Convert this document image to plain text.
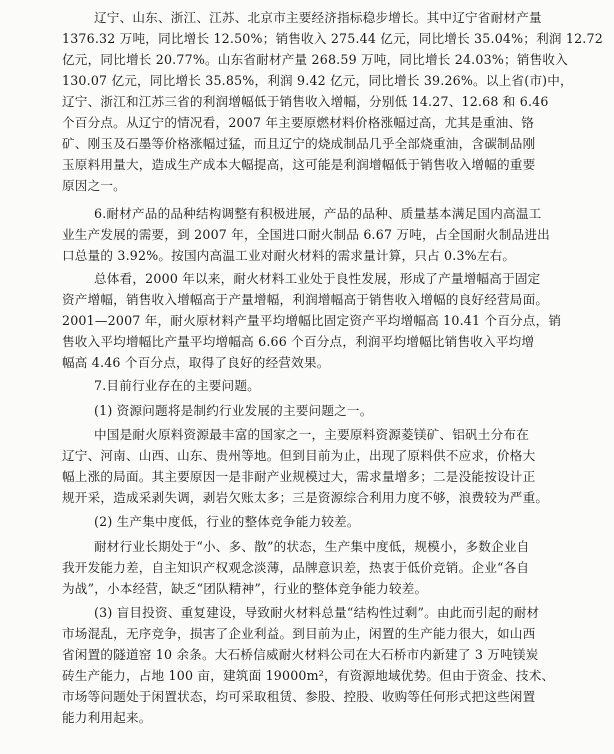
辽宁、山东、浙江、江苏、北京市主要经济指标稳步增长。其中辽宁省耐材产量
1376.32 万吨，同比增长 12.50%；销售收入 275.44 亿元，同比增长 35.04%；利润 12.72
亿元，同比增长 20.77%。山东省耐材产量 268.59 万吨，同比增长 24.03%；销售收入
130.07 亿元，同比增长 35.85%，利润 9.42 亿元，同比增长 39.26%。以上省(市)中，
辽宁、浙江和江苏三省的利润增幅低于销售收入增幅，分别低 14.27、12.68 和 6.46
个百分点。从辽宁的情况看，2007 年主要原燃材料价格涨幅过高，尤其是重油、铬
矿、刚玉及石墨等价格涨幅过猛，而且辽宁的烧成制品几乎全部烧重油，含碳制品刚
玉原料用量大，造成生产成本大幅提高，这可能是利润增幅低于销售收入增幅的重要
原因之一。
6.耐材产品的品种结构调整有积极进展，产品的品种、质量基本满足国内高温工
业生产发展的需要，到 2007 年，全国进口耐火制品 6.67 万吨，占全国耐火制品进出
口总量的 3.92%。按国内高温工业对耐火材料的需求量计算，只占 0.3%左右。
总体看，2000 年以来，耐火材料工业处于良性发展，形成了产量增幅高于固定
资产增幅，销售收入增幅高于产量增幅，利润增幅高于销售收入增幅的良好经营局面。
2001—2007 年，耐火原材料产量平均增幅比固定资产平均增幅高 10.41 个百分点，销
售收入平均增幅比产量平均增幅高 6.66 个百分点，利润平均增幅比销售收入平均增
幅高 4.46 个百分点，取得了良好的经营效果。
7.目前行业存在的主要问题。
(1) 资源问题将是制约行业发展的主要问题之一。
中国是耐火原料资源最丰富的国家之一，主要原料资源菱镁矿、铝矾土分布在
辽宁、河南、山西、山东、贵州等地。但到目前为止，出现了原料供不应求，价格大
幅上涨的局面。其主要原因一是非耐产业规模过大，需求量增多；二是没能按设计正
规开采，造成采剥失调，剥岩欠账太多；三是资源综合利用力度不够，浪费较为严重。
(2) 生产集中度低，行业的整体竞争能力较差。
耐材行业长期处于“小、多、散”的状态，生产集中度低，规模小，多数企业自
我开发能力差，自主知识产权观念淡薄，品牌意识差，热衷于低价竞销。企业“各自
为战”，小本经营，缺乏“团队精神”，行业的整体竞争能力较差。
(3) 盲目投资、重复建设，导致耐火材料总量“结构性过剩”。由此而引起的耐材
市场混乱，无序竞争，损害了企业利益。到目前为止，闲置的生产能力很大，如山西
省闲置的隧道窑 10 余条。大石桥信威耐火材料公司在大石桥市内新建了 3 万吨镁炭
砖生产能力，占地 100 亩，建筑面 19000m²，有资源地域优势。但由于资金、技术、
市场等问题处于闲置状态，均可采取租赁、参股、控股、收购等任何形式把这些闲置
能力利用起来。
